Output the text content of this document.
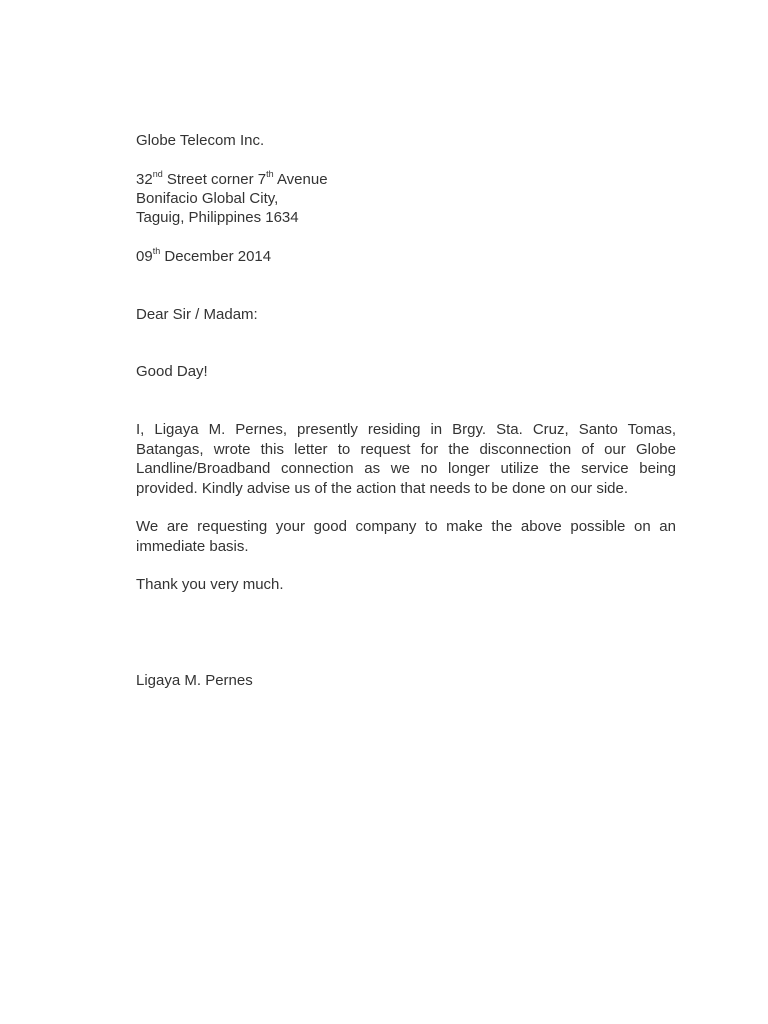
Globe Telecom Inc.
32nd Street corner 7th Avenue
Bonifacio Global City,
Taguig, Philippines 1634
09th December 2014
Dear Sir / Madam:
Good Day!
I, Ligaya M. Pernes, presently residing in Brgy. Sta. Cruz, Santo Tomas, Batangas, wrote this letter to request for the disconnection of our Globe Landline/Broadband connection as we no longer utilize the service being provided. Kindly advise us of the action that needs to be done on our side.
We are requesting your good company to make the above possible on an immediate basis.
Thank you very much.
Ligaya M. Pernes
